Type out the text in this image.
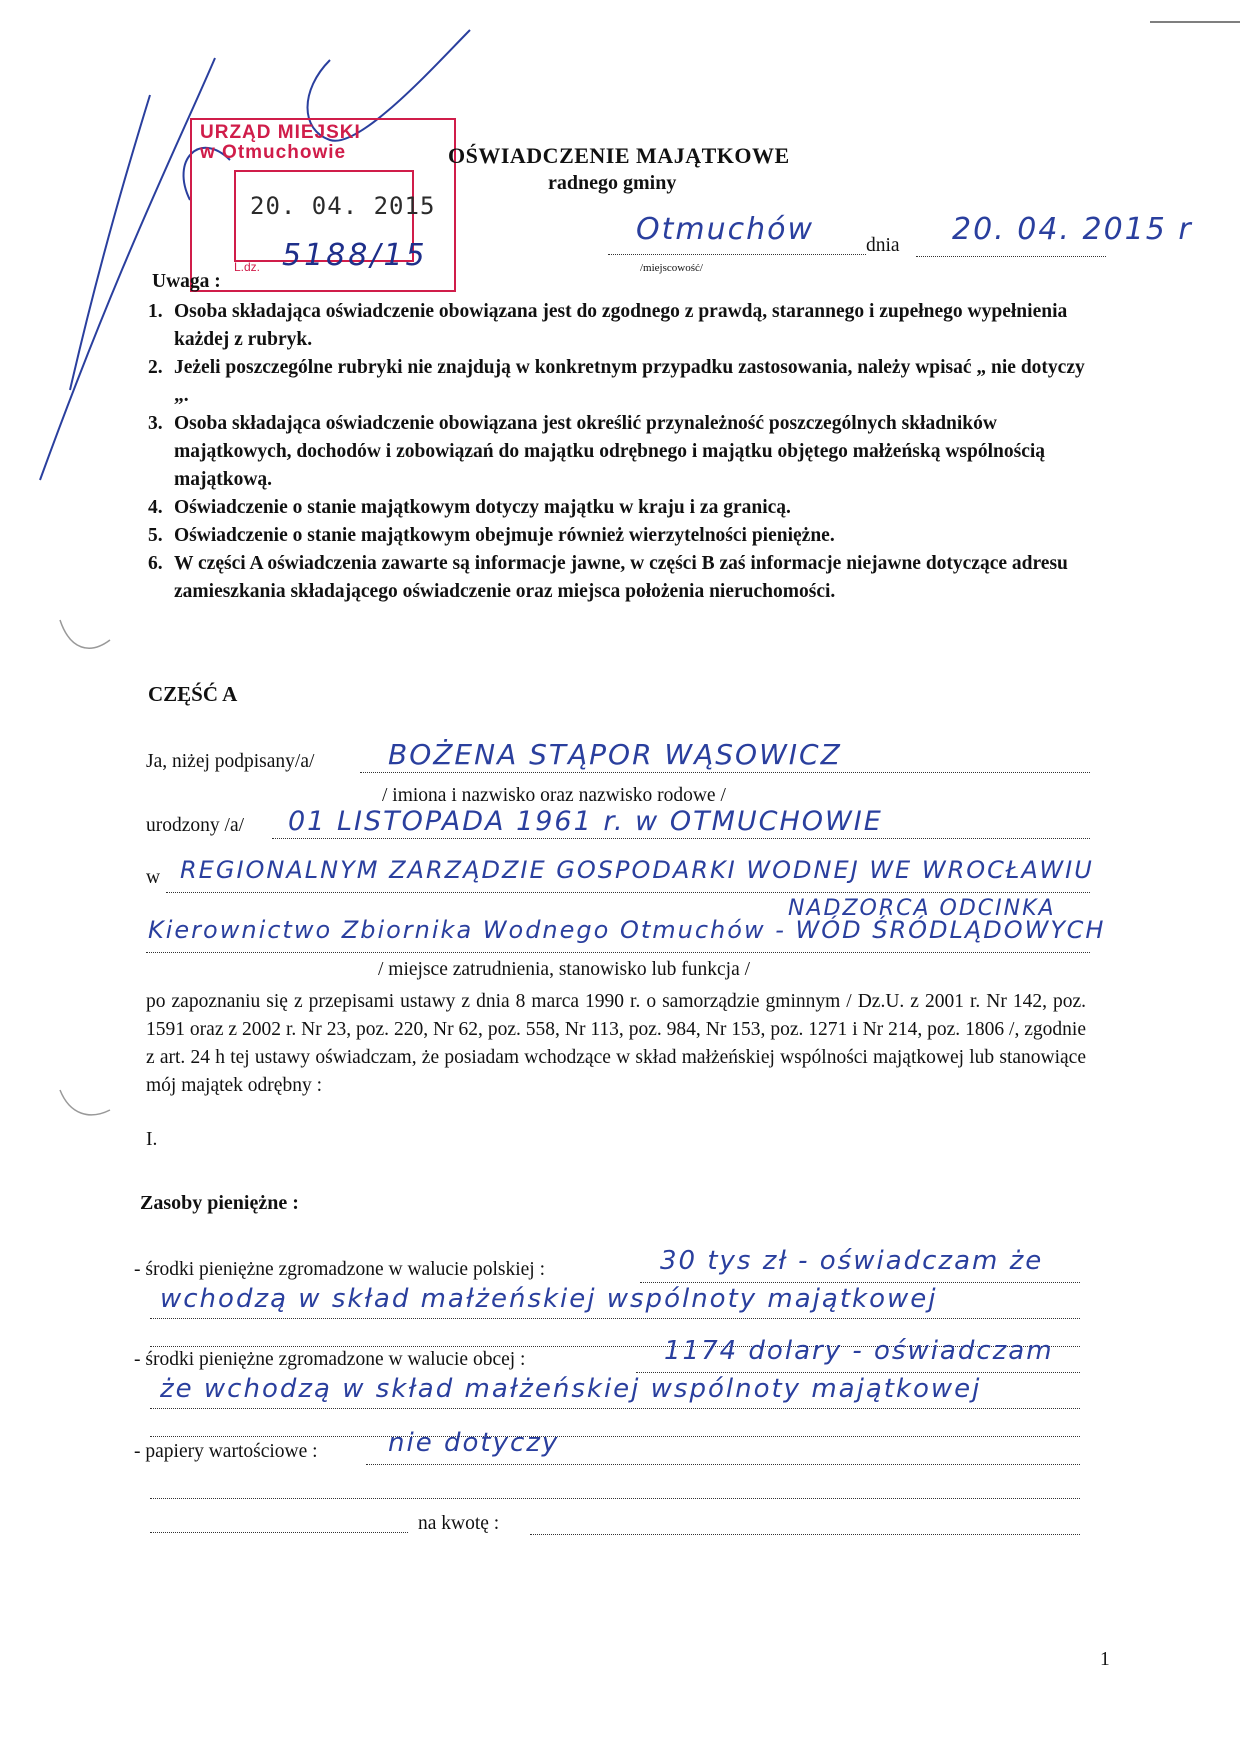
URZĄD MIEJSKI
w Otmuchowie
20. 04. 2015
L.dz. 5188/15
OŚWIADCZENIE MAJĄTKOWE
radnego gminy
Otmuchów
/miejscowość/
dnia 20. 04. 2015 r
Uwaga :
1. Osoba składająca oświadczenie obowiązana jest do zgodnego z prawdą, starannego i zupełnego wypełnienia każdej z rubryk.
2. Jeżeli poszczególne rubryki nie znajdują w konkretnym przypadku zastosowania, należy wpisać „ nie dotyczy „.
3. Osoba składająca oświadczenie obowiązana jest określić przynależność poszczególnych składników majątkowych, dochodów i zobowiązań do majątku odrębnego i majątku objętego małżeńską wspólnością majątkową.
4. Oświadczenie o stanie majątkowym dotyczy majątku w kraju i za granicą.
5. Oświadczenie o stanie majątkowym obejmuje również wierzytelności pieniężne.
6. W części A oświadczenia zawarte są informacje jawne, w części B zaś informacje niejawne dotyczące adresu zamieszkania składającego oświadczenie oraz miejsca położenia nieruchomości.
CZĘŚĆ A
Ja, niżej podpisany/a/	BOŻENA STĄPOR WĄSOWICZ
/ imiona i nazwisko oraz nazwisko rodowe /
urodzony /a/ 01 LISTOPADA 1961 r. w OTMUCHOWIE
w REGIONALNYM ZARZĄDZIE GOSPODARKI WODNEJ WE WROCŁAWIU
NADZORCA ODCINKA
Kierownictwo Zbiornika Wodnego Otmuchów - WÓD ŚRÓDLĄDOWYCH
/ miejsce zatrudnienia, stanowisko lub funkcja /
po zapoznaniu się z przepisami ustawy z dnia 8 marca 1990 r. o samorządzie gminnym / Dz.U. z 2001 r. Nr 142, poz. 1591 oraz z 2002 r. Nr 23, poz. 220, Nr 62, poz. 558, Nr 113, poz. 984, Nr 153, poz. 1271 i Nr 214, poz. 1806 /, zgodnie z art. 24 h tej ustawy oświadczam, że posiadam wchodzące w skład małżeńskiej wspólności majątkowej lub stanowiące mój majątek odrębny :
I.
Zasoby pieniężne :
- środki pieniężne zgromadzone w walucie polskiej :	30 tys zł - oświadczam że
wchodzą w skład małżeńskiej wspólnoty majątkowej
- środki pieniężne zgromadzone w walucie obcej :	1174 dolary - oświadczam
że wchodzą w skład małżeńskiej wspólnoty majątkowej
- papiery wartościowe :	nie dotyczy
na kwotę :
1
